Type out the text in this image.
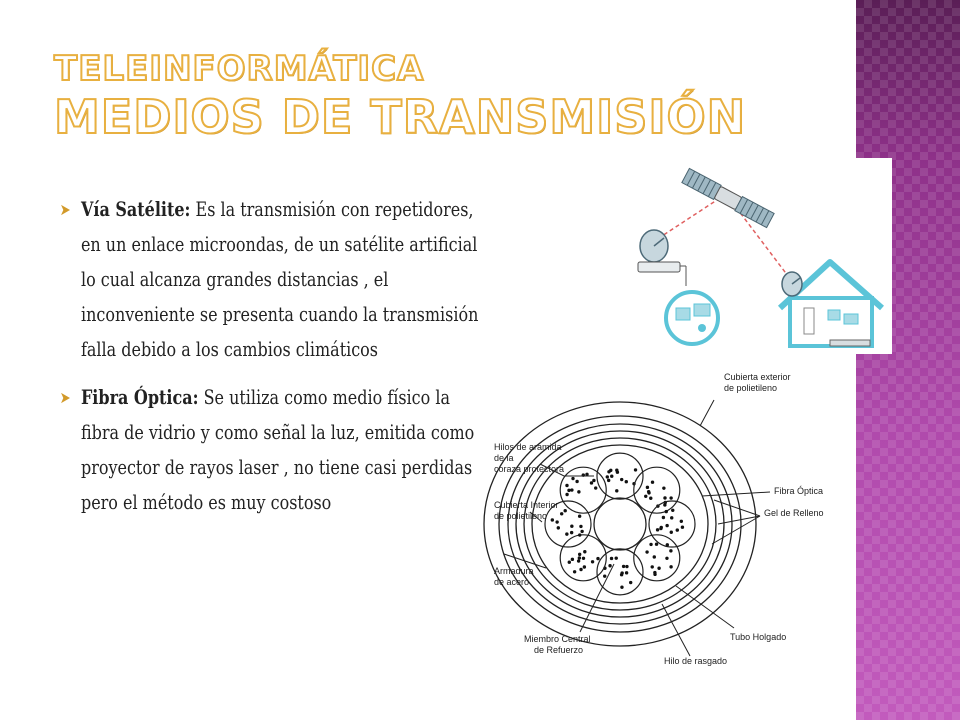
TELEINFORMÁTICA
MEDIOS DE TRANSMISIÓN
➤ Vía Satélite: Es la transmisión con repetidores, en un enlace microondas, de un satélite artificial lo cual alcanza grandes distancias , el inconveniente se presenta cuando la transmisión falla debido a los cambios climáticos
➤ Fibra Óptica: Se utiliza como medio físico la fibra de vidrio y como señal la luz, emitida como proyector de rayos laser , no tiene casi perdidas pero el método es muy costoso
Cubierta exterior de polietileno
Hilos de aramida de la coraza protectora
Fibra Óptica
Cubierta Interior de polietileno	Gel de Relleno
Armadura de acero
Miembro Central de Refuerzo
Tubo Holgado
Hilo de rasgado
